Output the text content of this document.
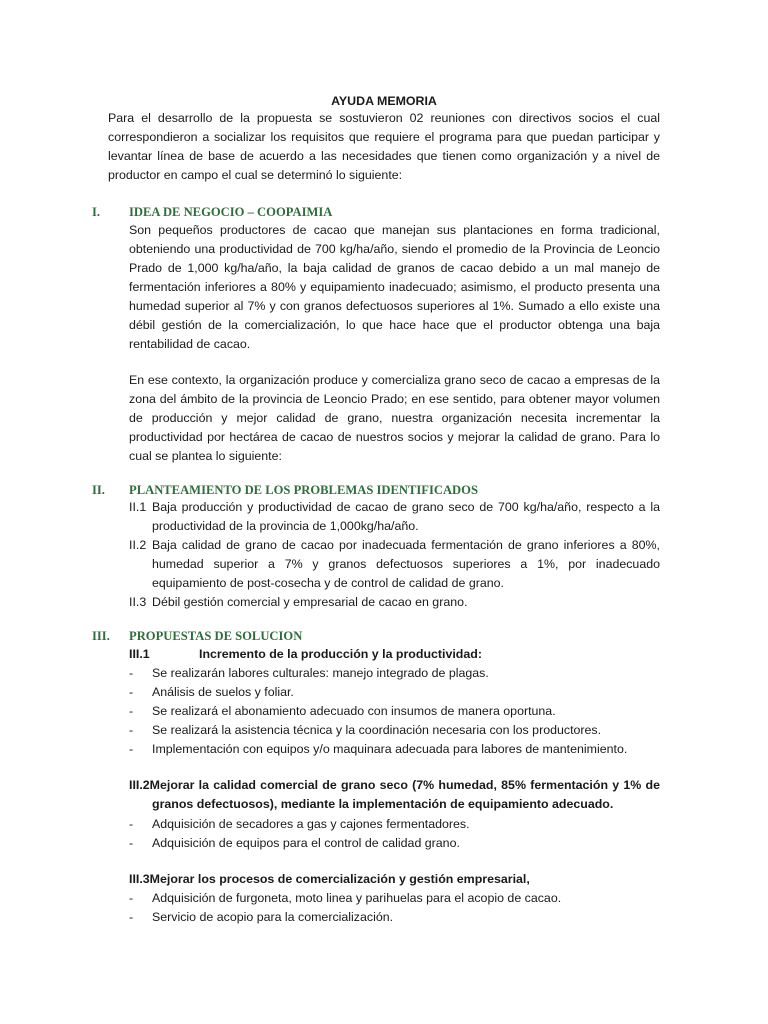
AYUDA MEMORIA
Para el desarrollo de la propuesta se sostuvieron 02 reuniones con directivos socios el cual correspondieron a socializar los requisitos que requiere el programa para que puedan participar y levantar línea de base de acuerdo a las necesidades que tienen como organización y a nivel de productor en campo el cual se determinó lo siguiente:
I. IDEA DE NEGOCIO – COOPAIMIA
Son pequeños productores de cacao que manejan sus plantaciones en forma tradicional, obteniendo una productividad de 700 kg/ha/año, siendo el promedio de la Provincia de Leoncio Prado de 1,000 kg/ha/año, la baja calidad de granos de cacao debido a un mal manejo de fermentación inferiores a 80% y equipamiento inadecuado; asimismo, el producto presenta una humedad superior al 7% y con granos defectuosos superiores al 1%. Sumado a ello existe una débil gestión de la comercialización, lo que hace hace que el productor obtenga una baja rentabilidad de cacao.
En ese contexto, la organización produce y comercializa grano seco de cacao a empresas de la zona del ámbito de la provincia de Leoncio Prado; en ese sentido, para obtener mayor volumen de producción y mejor calidad de grano, nuestra organización necesita incrementar la productividad por hectárea de cacao de nuestros socios y mejorar la calidad de grano. Para lo cual se plantea lo siguiente:
II. PLANTEAMIENTO DE LOS PROBLEMAS IDENTIFICADOS
II.1 Baja producción y productividad de cacao de grano seco de 700 kg/ha/año, respecto a la productividad de la provincia de 1,000kg/ha/año.
II.2 Baja calidad de grano de cacao por inadecuada fermentación de grano inferiores a 80%, humedad superior a 7% y granos defectuosos superiores a 1%, por inadecuado equipamiento de post-cosecha y de control de calidad de grano.
II.3 Débil gestión comercial y empresarial de cacao en grano.
III. PROPUESTAS DE SOLUCION
III.1	Incremento de la producción y la productividad:
- Se realizarán labores culturales: manejo integrado de plagas.
- Análisis de suelos y foliar.
- Se realizará el abonamiento adecuado con insumos de manera oportuna.
- Se realizará la asistencia técnica y la coordinación necesaria con los productores.
- Implementación con equipos y/o maquinara adecuada para labores de mantenimiento.
III.2Mejorar la calidad comercial de grano seco (7% humedad, 85% fermentación y 1% de
granos defectuosos), mediante la implementación de equipamiento adecuado.
- Adquisición de secadores a gas y cajones fermentadores.
- Adquisición de equipos para el control de calidad grano.
III.3Mejorar los procesos de comercialización y gestión empresarial,
- Adquisición de furgoneta, moto linea y parihuelas para el acopio de cacao.
- Servicio de acopio para la comercialización.
